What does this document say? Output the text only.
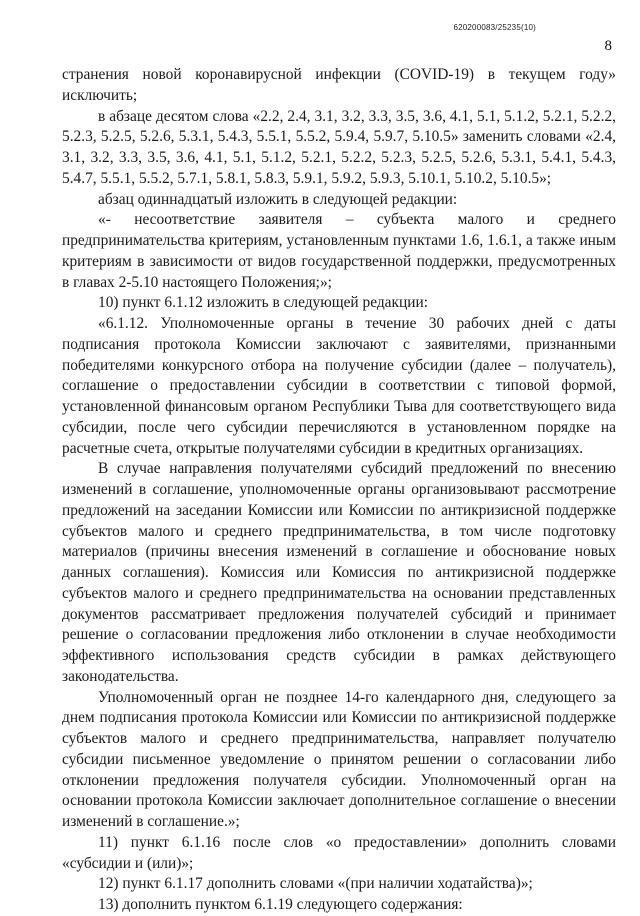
620200083/25235(10)
8

странения новой коронавирусной инфекции (COVID-19) в текущем году» исключить;

в абзаце десятом слова «2.2, 2.4, 3.1, 3.2, 3.3, 3.5, 3.6, 4.1, 5.1, 5.1.2, 5.2.1, 5.2.2, 5.2.3, 5.2.5, 5.2.6, 5.3.1, 5.4.3, 5.5.1, 5.5.2, 5.9.4, 5.9.7, 5.10.5» заменить словами «2.4, 3.1, 3.2, 3.3, 3.5, 3.6, 4.1, 5.1, 5.1.2, 5.2.1, 5.2.2, 5.2.3, 5.2.5, 5.2.6, 5.3.1, 5.4.1, 5.4.3, 5.4.7, 5.5.1, 5.5.2, 5.7.1, 5.8.1, 5.8.3, 5.9.1, 5.9.2, 5.9.3, 5.10.1, 5.10.2, 5.10.5»;

абзац одиннадцатый изложить в следующей редакции:

«- несоответствие заявителя – субъекта малого и среднего предпринимательства критериям, установленным пунктами 1.6, 1.6.1, а также иным критериям в зависимости от видов государственной поддержки, предусмотренных в главах 2-5.10 настоящего Положения;»;

10) пункт 6.1.12 изложить в следующей редакции:

«6.1.12. Уполномоченные органы в течение 30 рабочих дней с даты подписания протокола Комиссии заключают с заявителями, признанными победителями конкурсного отбора на получение субсидии (далее – получатель), соглашение о предоставлении субсидии в соответствии с типовой формой, установленной финансовым органом Республики Тыва для соответствующего вида субсидии, после чего субсидии перечисляются в установленном порядке на расчетные счета, открытые получателями субсидии в кредитных организациях.

В случае направления получателями субсидий предложений по внесению изменений в соглашение, уполномоченные органы организовывают рассмотрение предложений на заседании Комиссии или Комиссии по антикризисной поддержке субъектов малого и среднего предпринимательства, в том числе подготовку материалов (причины внесения изменений в соглашение и обоснование новых данных соглашения). Комиссия или Комиссия по антикризисной поддержке субъектов малого и среднего предпринимательства на основании представленных документов рассматривает предложения получателей субсидий и принимает решение о согласовании предложения либо отклонении в случае необходимости эффективного использования средств субсидии в рамках действующего законодательства.

Уполномоченный орган не позднее 14-го календарного дня, следующего за днем подписания протокола Комиссии или Комиссии по антикризисной поддержке субъектов малого и среднего предпринимательства, направляет получателю субсидии письменное уведомление о принятом решении о согласовании либо отклонении предложения получателя субсидии. Уполномоченный орган на основании протокола Комиссии заключает дополнительное соглашение о внесении изменений в соглашение.»;

11) пункт 6.1.16 после слов «о предоставлении» дополнить словами «субсидии и (или)»;

12) пункт 6.1.17 дополнить словами «(при наличии ходатайства)»;

13) дополнить пунктом 6.1.19 следующего содержания:
